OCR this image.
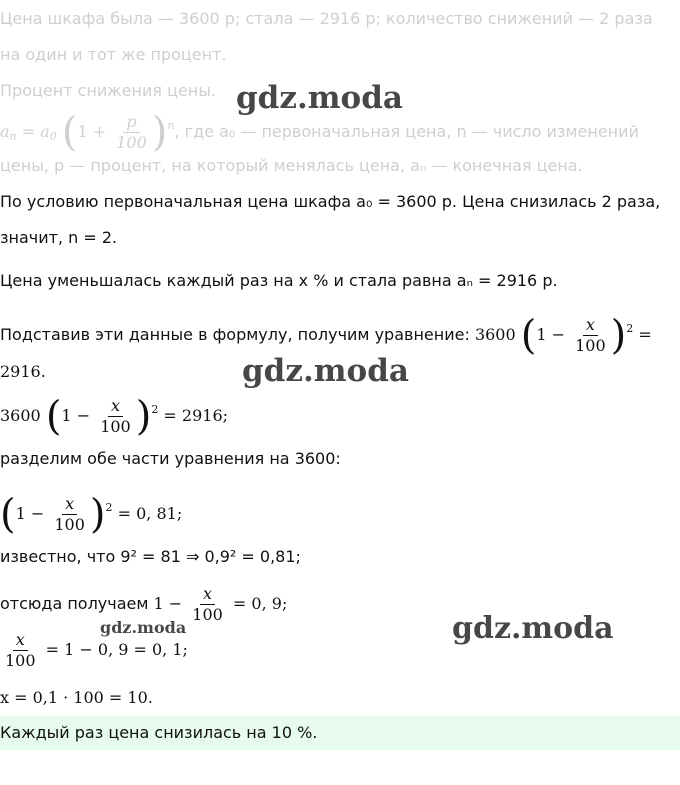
Цена шкафа была — 3600 р; стала — 2916 р; количество снижений — 2 раза
на один и тот же процент.
Процент снижения цены.
$a_n = a_0$ $(1 + \frac{p}{100} )^n$, где a₀ — первоначальная цена, n — число изменений
цены, p — процент, на который менялась цена, aₙ — конечная цена.
По условию первоначальная цена шкафа a₀ = 3600 р. Цена снизилась 2 раза,
значит, n = 2.
Цена уменьшалась каждый раз на x % и стала равна aₙ = 2916 р.
Подставив эти данные в формулу, получим уравнение: 3600 $(1 - \frac{x}{100} )^2$ =
2916.
3600 $(1 - \frac{x}{100} )^2 = 2916$;
разделим обе части уравнения на 3600:
$(1 - \frac{x}{100} )^2 = 0$, 81;
известно, что 9² = 81 ⇒ 0,9² = 0,81;
отсюда получаем $1 - \frac{x}{100} = 0$, 9;
$\frac{x}{100} = 1 - 0$, 9 = 0, 1;
x = 0,1 · 100 = 10.
Каждый раз цена снизилась на 10 %.
gdz.moda
gdz.moda
gdz.moda
gdz.moda
